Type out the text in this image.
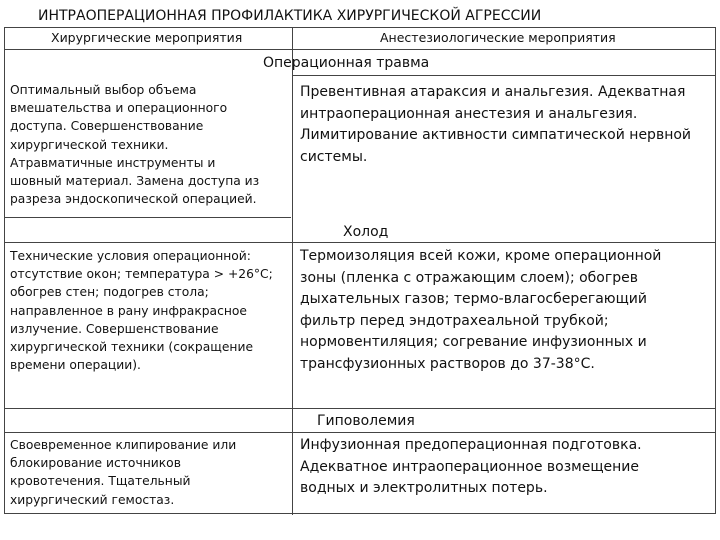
ИНТРАОПЕРАЦИОННАЯ ПРОФИЛАКТИКА ХИРУРГИЧЕСКОЙ АГРЕССИИ
Хирургические мероприятия	Анестезиологические мероприятия
Операционная травма
Оптимальный выбор объема
вмешательства и операционного
доступа. Совершенствование
хирургической техники.
Атравматичные инструменты и
шовный материал. Замена доступа из
разреза эндоскопической операцией.
Превентивная атараксия и анальгезия. Адекватная
интраоперационная анестезия и анальгезия.
Лимитирование активности симпатической нервной
системы.
Холод
Технические условия операционной:
отсутствие окон; температура > +26°С;
обогрев стен; подогрев стола;
направленное в рану инфракрасное
излучение. Совершенствование
хирургической техники (сокращение
времени операции).
Термоизоляция всей кожи, кроме операционной
зоны (пленка с отражающим слоем); обогрев
дыхательных газов; термо-влагосберегающий
фильтр перед эндотрахеальной трубкой;
нормовентиляция; согревание инфузионных и
трансфузионных растворов до 37-38°С.
Гиповолемия
Своевременное клипирование или
блокирование источников
кровотечения. Тщательный
хирургический гемостаз.
Инфузионная предоперационная подготовка.
Адекватное интраоперационное возмещение
водных и электролитных потерь.
